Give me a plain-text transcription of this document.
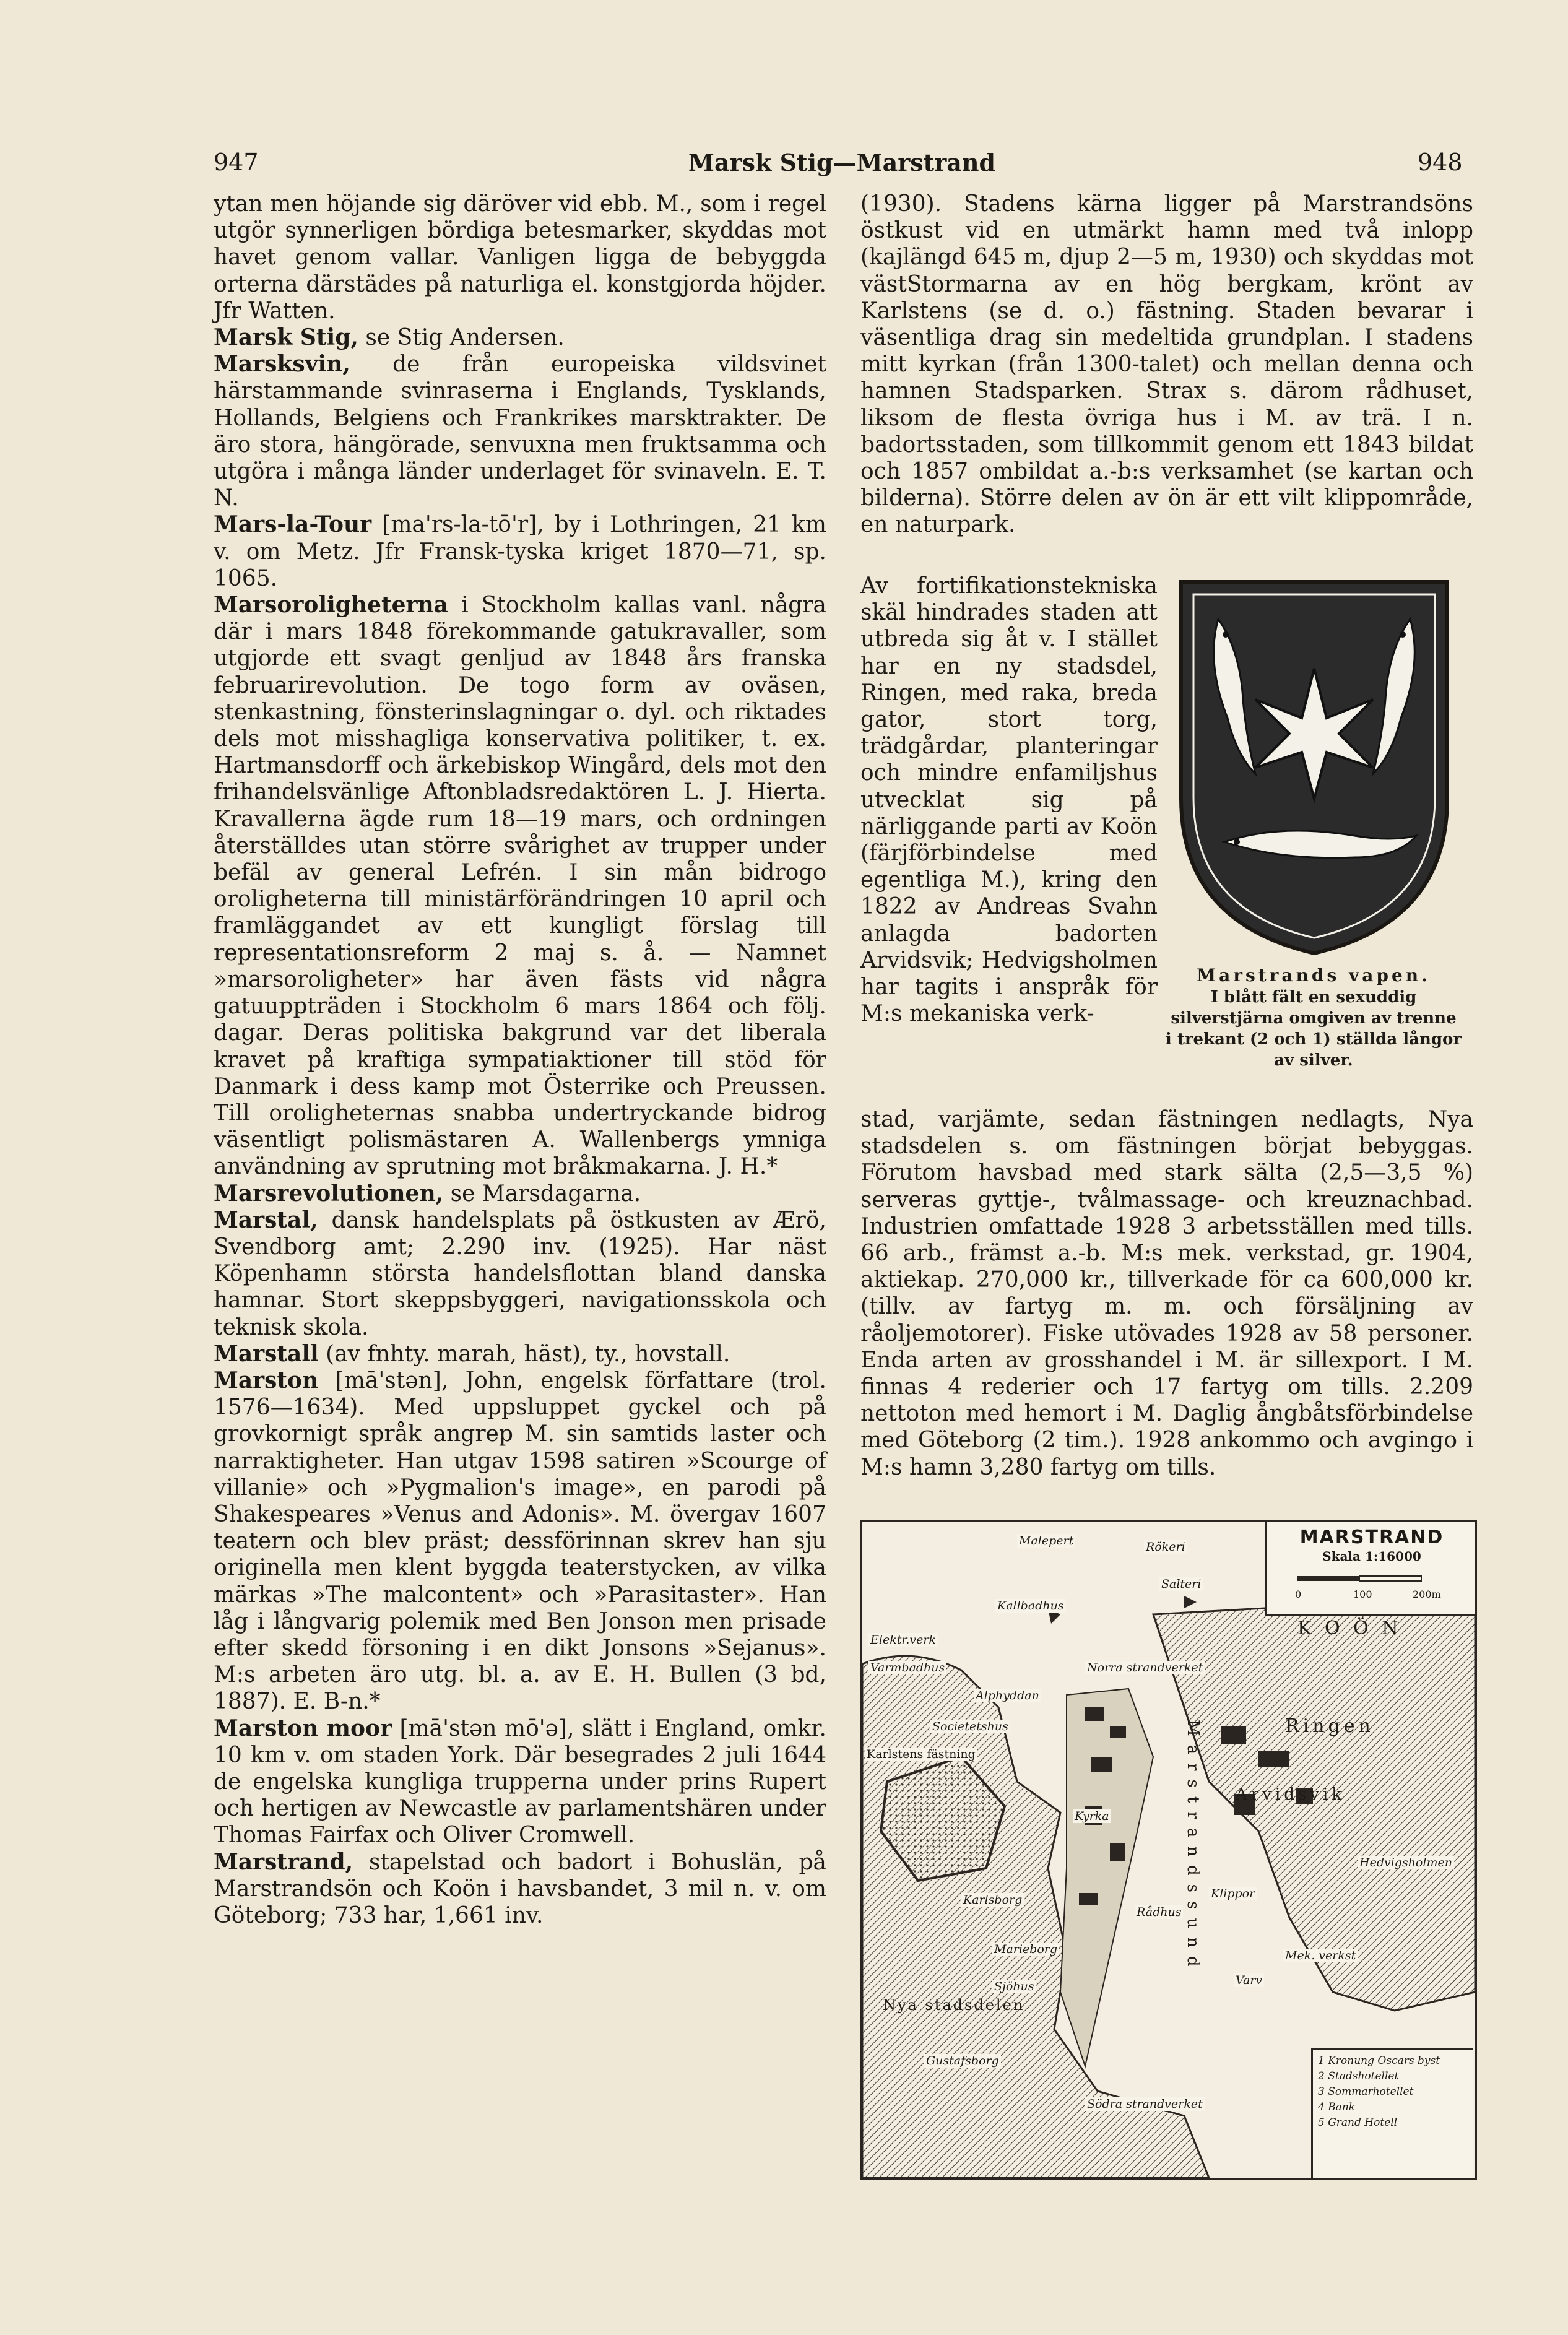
947	Marsk Stig—Marstrand	948

ytan men höjande sig däröver vid ebb. M., som i regel utgör synnerligen bördiga betesmarker, skyddas mot havet genom vallar. Vanligen ligga de bebyggda orterna därstädes på naturliga el. konstgjorda höjder. Jfr Watten.

Marsk Stig, se Stig Andersen.

Marsksvin, de från europeiska vildsvinet härstammande svinraserna i Englands, Tysklands, Hollands, Belgiens och Frankrikes marsktrakter. De äro stora, hängörade, senvuxna men fruktsamma och utgöra i många länder underlaget för svinaveln. E. T. N.

Mars-la-Tour [ma'rs-la-tō'r], by i Lothringen, 21 km v. om Metz. Jfr Fransk-tyska kriget 1870—71, sp. 1065.

Marsoroligheterna i Stockholm kallas vanl. några där i mars 1848 förekommande gatukravaller, som utgjorde ett svagt genljud av 1848 års franska februarirevolution. De togo form av oväsen, stenkastning, fönsterinslagningar o. dyl. och riktades dels mot misshagliga konservativa politiker, t. ex. Hartmansdorff och ärkebiskop Wingård, dels mot den frihandelsvänlige Aftonbladsredaktören L. J. Hierta. Kravallerna ägde rum 18—19 mars, och ordningen återställdes utan större svårighet av trupper under befäl av general Lefrén. I sin mån bidrogo oroligheterna till ministärförändringen 10 april och framläggandet av ett kungligt förslag till representationsreform 2 maj s. å. — Namnet »marsoroligheter» har även fästs vid några gatuuppträden i Stockholm 6 mars 1864 och följ. dagar. Deras politiska bakgrund var det liberala kravet på kraftiga sympatiaktioner till stöd för Danmark i dess kamp mot Österrike och Preussen. Till oroligheternas snabba undertryckande bidrog väsentligt polismästaren A. Wallenbergs ymniga användning av sprutning mot bråkmakarna. J. H.*

Marsrevolutionen, se Marsdagarna.

Marstal, dansk handelsplats på östkusten av Ærö, Svendborg amt; 2.290 inv. (1925). Har näst Köpenhamn största handelsflottan bland danska hamnar. Stort skeppsbyggeri, navigationsskola och teknisk skola.

Marstall (av fnhty. marah, häst), ty., hovstall.

Marston [mā'stən], John, engelsk författare (trol. 1576—1634). Med uppsluppet gyckel och på grovkornigt språk angrep M. sin samtids laster och narraktigheter. Han utgav 1598 satiren »Scourge of villanie» och »Pygmalion's image», en parodi på Shakespeares »Venus and Adonis». M. övergav 1607 teatern och blev präst; dessförinnan skrev han sju originella men klent byggda teaterstycken, av vilka märkas »The malcontent» och »Parasitaster». Han låg i långvarig polemik med Ben Jonson men prisade efter skedd försoning i en dikt Jonsons »Sejanus». M:s arbeten äro utg. bl. a. av E. H. Bullen (3 bd, 1887). E. B-n.*

Marston moor [mā'stən mō'ə], slätt i England, omkr. 10 km v. om staden York. Där besegrades 2 juli 1644 de engelska kungliga trupperna under prins Rupert och hertigen av Newcastle av parlamentshären under Thomas Fairfax och Oliver Cromwell.

Marstrand, stapelstad och badort i Bohuslän, på Marstrandsön och Koön i havsbandet, 3 mil n. v. om Göteborg; 733 har, 1,661 inv.

(1930). Stadens kärna ligger på Marstrandsöns östkust vid en utmärkt hamn med två inlopp (kajlängd 645 m, djup 2—5 m, 1930) och skyddas mot västStormarna av en hög bergkam, krönt av Karlstens (se d. o.) fästning. Staden bevarar i väsentliga drag sin medeltida grundplan. I stadens mitt kyrkan (från 1300-talet) och mellan denna och hamnen Stadsparken. Strax s. därom rådhuset, liksom de flesta övriga hus i M. av trä. I n. badortsstaden, som tillkommit genom ett 1843 bildat och 1857 ombildat a.-b:s verksamhet (se kartan och bilderna). Större delen av ön är ett vilt klippområde, en naturpark.

Av fortifikationstekniska skäl hindrades staden att utbreda sig åt v. I stället har en ny stadsdel, Ringen, med raka, breda gator, stort torg, trädgårdar, planteringar och mindre enfamiljshus utvecklat sig på närliggande parti av Koön (färjförbindelse med egentliga M.), kring den 1822 av Andreas Svahn anlagda badorten Arvidsvik; Hedvigsholmen har tagits i anspråk för M:s mekaniska verk-

Marstrands vapen.
I blått fält en sexuddig silverstjärna omgiven av trenne i trekant (2 och 1) ställda långor av silver.

stad, varjämte, sedan fästningen nedlagts, Nya stadsdelen s. om fästningen börjat bebyggas. Förutom havsbad med stark sälta (2,5—3,5 %) serveras gyttje-, tvålmassage- och kreuznachbad. Industrien omfattade 1928 3 arbetsställen med tills. 66 arb., främst a.-b. M:s mek. verkstad, gr. 1904, aktiekap. 270,000 kr., tillverkade för ca 600,000 kr. (tillv. av fartyg m. m. och försäljning av råoljemotorer). Fiske utövades 1928 av 58 personer. Enda arten av grosshandel i M. är sillexport. I M. finnas 4 rederier och 17 fartyg om tills. 2.209 nettoton med hemort i M. Daglig ångbåtsförbindelse med Göteborg (2 tim.). 1928 ankommo och avgingo i M:s hamn 3,280 fartyg om tills.

MARSTRAND
Skala 1:16000
0	100	200m
K O Ö N
Marstrandssund
Malepert	Rökeri
Salteri
Kallbadhus
Elektr.verk
Varmbadhus
Alphyddan
Norra strandverket
Societetshus
Karlstens fästning
Ringen
Arvidsvik
Kyrka
Hedvigsholmen
Karlsborg
Rådhus
Klippor
Marieborg	Mek. verkst
Varv
Sjöhus
Nya stadsdelen
Gustafsborg
Södra strandverket
1 Kronung Oscars byst
2 Stadshotellet
3 Sommarhotellet
4 Bank
5 Grand Hotell
